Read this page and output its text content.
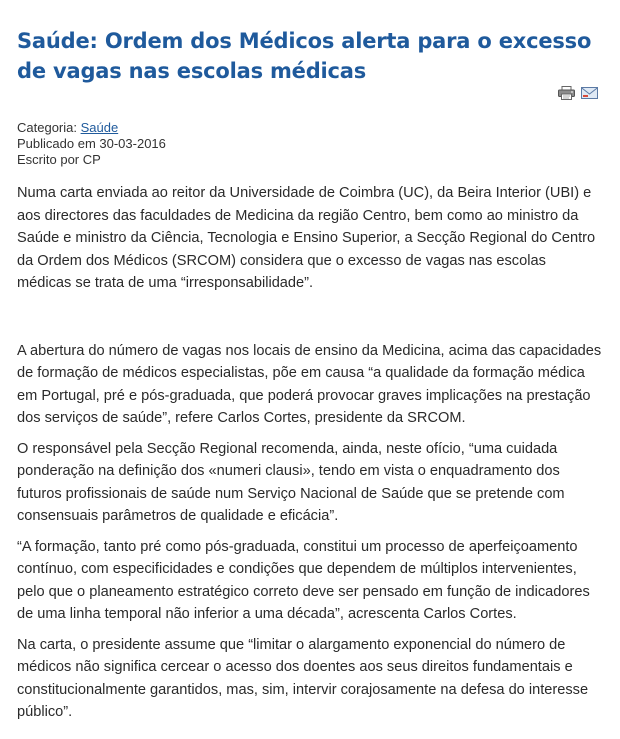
Saúde: Ordem dos Médicos alerta para o excesso de vagas nas escolas médicas
Categoria: Saúde
Publicado em 30-03-2016
Escrito por CP

Numa carta enviada ao reitor da Universidade de Coimbra (UC), da Beira Interior (UBI) e aos directores das faculdades de Medicina da região Centro, bem como ao ministro da Saúde e ministro da Ciência, Tecnologia e Ensino Superior, a Secção Regional do Centro da Ordem dos Médicos (SRCOM) considera que o excesso de vagas nas escolas médicas se trata de uma “irresponsabilidade”.

A abertura do número de vagas nos locais de ensino da Medicina, acima das capacidades de formação de médicos especialistas, põe em causa “a qualidade da formação médica em Portugal, pré e pós-graduada, que poderá provocar graves implicações na prestação dos serviços de saúde”, refere Carlos Cortes, presidente da SRCOM.

O responsável pela Secção Regional recomenda, ainda, neste ofício, “uma cuidada ponderação na definição dos «numeri clausi», tendo em vista o enquadramento dos futuros profissionais de saúde num Serviço Nacional de Saúde que se pretende com consensuais parâmetros de qualidade e eficácia”.

“A formação, tanto pré como pós-graduada, constitui um processo de aperfeiçoamento contínuo, com especificidades e condições que dependem de múltiplos intervenientes, pelo que o planeamento estratégico correto deve ser pensado em função de indicadores de uma linha temporal não inferior a uma década”, acrescenta Carlos Cortes.

Na carta, o presidente assume que “limitar o alargamento exponencial do número de médicos não significa cercear o acesso dos doentes aos seus direitos fundamentais e constitucionalmente garantidos, mas, sim, intervir corajosamente na defesa do interesse público”.
